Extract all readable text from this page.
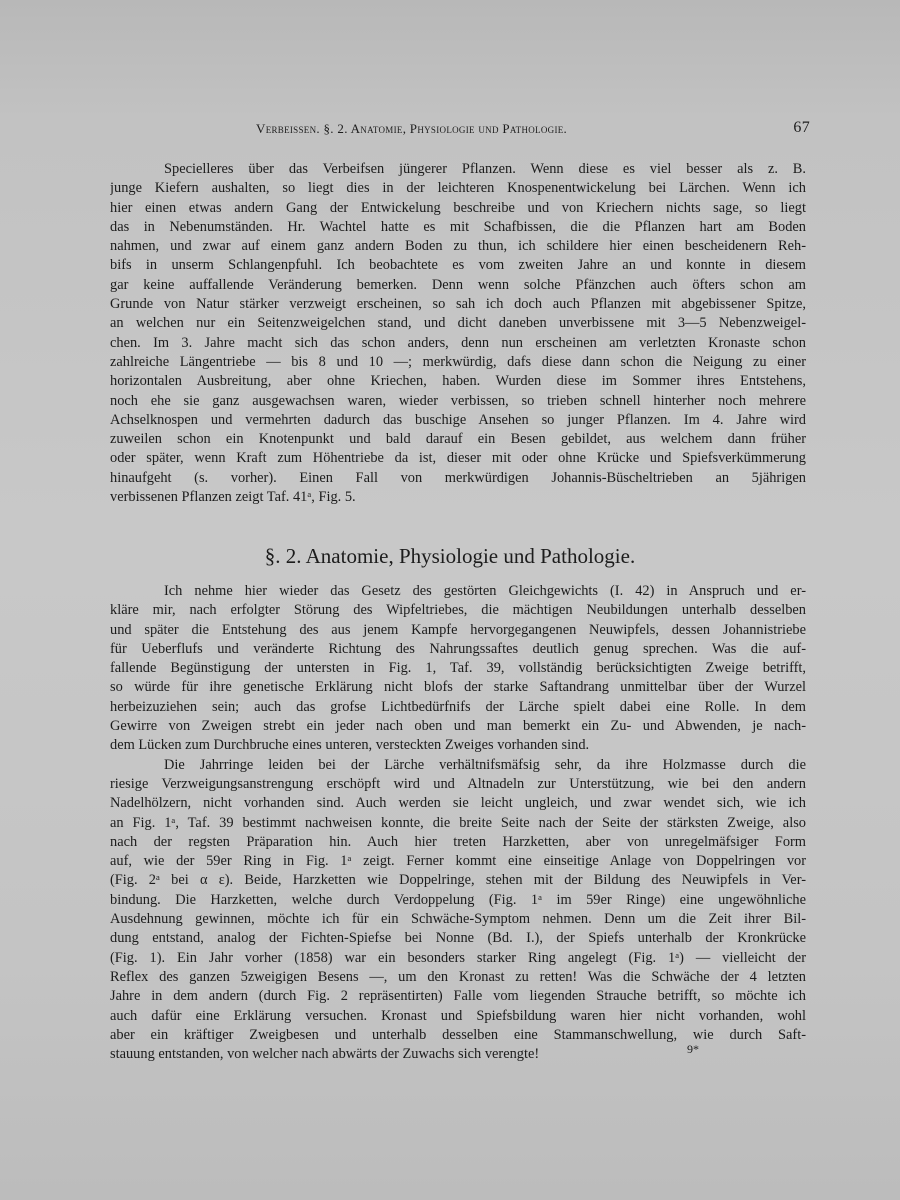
Verbeissen. §. 2. Anatomie, Physiologie und Pathologie.	67
Specielleres über das Verbeifsen jüngerer Pflanzen. Wenn diese es viel besser als z. B.
junge Kiefern aushalten, so liegt dies in der leichteren Knospenentwickelung bei Lärchen. Wenn ich
hier einen etwas andern Gang der Entwickelung beschreibe und von Kriechern nichts sage, so liegt
das in Nebenumständen. Hr. Wachtel hatte es mit Schafbissen, die die Pflanzen hart am Boden
nahmen, und zwar auf einem ganz andern Boden zu thun, ich schildere hier einen bescheidenern Reh-
bifs in unserm Schlangenpfuhl. Ich beobachtete es vom zweiten Jahre an und konnte in diesem
gar keine auffallende Veränderung bemerken. Denn wenn solche Pfänzchen auch öfters schon am
Grunde von Natur stärker verzweigt erscheinen, so sah ich doch auch Pflanzen mit abgebissener Spitze,
an welchen nur ein Seitenzweigelchen stand, und dicht daneben unverbissene mit 3—5 Nebenzweigel-
chen. Im 3. Jahre macht sich das schon anders, denn nun erscheinen am verletzten Kronaste schon
zahlreiche Längentriebe — bis 8 und 10 —; merkwürdig, dafs diese dann schon die Neigung zu einer
horizontalen Ausbreitung, aber ohne Kriechen, haben. Wurden diese im Sommer ihres Entstehens,
noch ehe sie ganz ausgewachsen waren, wieder verbissen, so trieben schnell hinterher noch mehrere
Achselknospen und vermehrten dadurch das buschige Ansehen so junger Pflanzen. Im 4. Jahre wird
zuweilen schon ein Knotenpunkt und bald darauf ein Besen gebildet, aus welchem dann früher
oder später, wenn Kraft zum Höhentriebe da ist, dieser mit oder ohne Krücke und Spiefsverkümmerung
hinaufgeht (s. vorher). Einen Fall von merkwürdigen Johannis-Büscheltrieben an 5jährigen
verbissenen Pflanzen zeigt Taf. 41ᵃ, Fig. 5.
§. 2. Anatomie, Physiologie und Pathologie.
Ich nehme hier wieder das Gesetz des gestörten Gleichgewichts (I. 42) in Anspruch und er-
kläre mir, nach erfolgter Störung des Wipfeltriebes, die mächtigen Neubildungen unterhalb desselben
und später die Entstehung des aus jenem Kampfe hervorgegangenen Neuwipfels, dessen Johannistriebe
für Ueberflufs und veränderte Richtung des Nahrungssaftes deutlich genug sprechen. Was die auf-
fallende Begünstigung der untersten in Fig. 1, Taf. 39, vollständig berücksichtigten Zweige betrifft,
so würde für ihre genetische Erklärung nicht blofs der starke Saftandrang unmittelbar über der Wurzel
herbeizuziehen sein; auch das grofse Lichtbedürfnifs der Lärche spielt dabei eine Rolle. In dem
Gewirre von Zweigen strebt ein jeder nach oben und man bemerkt ein Zu- und Abwenden, je nach-
dem Lücken zum Durchbruche eines unteren, versteckten Zweiges vorhanden sind.
Die Jahrringe leiden bei der Lärche verhältnifsmäfsig sehr, da ihre Holzmasse durch die
riesige Verzweigungsanstrengung erschöpft wird und Altnadeln zur Unterstützung, wie bei den andern
Nadelhölzern, nicht vorhanden sind. Auch werden sie leicht ungleich, und zwar wendet sich, wie ich
an Fig. 1ᵃ, Taf. 39 bestimmt nachweisen konnte, die breite Seite nach der Seite der stärksten Zweige, also
nach der regsten Präparation hin. Auch hier treten Harzketten, aber von unregelmäfsiger Form
auf, wie der 59er Ring in Fig. 1ᵃ zeigt. Ferner kommt eine einseitige Anlage von Doppelringen vor
(Fig. 2ᵃ bei α ε). Beide, Harzketten wie Doppelringe, stehen mit der Bildung des Neuwipfels in Ver-
bindung. Die Harzketten, welche durch Verdoppelung (Fig. 1ᵃ im 59er Ringe) eine ungewöhnliche
Ausdehnung gewinnen, möchte ich für ein Schwäche-Symptom nehmen. Denn um die Zeit ihrer Bil-
dung entstand, analog der Fichten-Spiefse bei Nonne (Bd. I.), der Spiefs unterhalb der Kronkrücke
(Fig. 1). Ein Jahr vorher (1858) war ein besonders starker Ring angelegt (Fig. 1ᵃ) — vielleicht der
Reflex des ganzen 5zweigigen Besens —, um den Kronast zu retten! Was die Schwäche der 4 letzten
Jahre in dem andern (durch Fig. 2 repräsentirten) Falle vom liegenden Strauche betrifft, so möchte ich
auch dafür eine Erklärung versuchen. Kronast und Spiefsbildung waren hier nicht vorhanden, wohl
aber ein kräftiger Zweigbesen und unterhalb desselben eine Stammanschwellung, wie durch Saft-
stauung entstanden, von welcher nach abwärts der Zuwachs sich verengte!	9*
